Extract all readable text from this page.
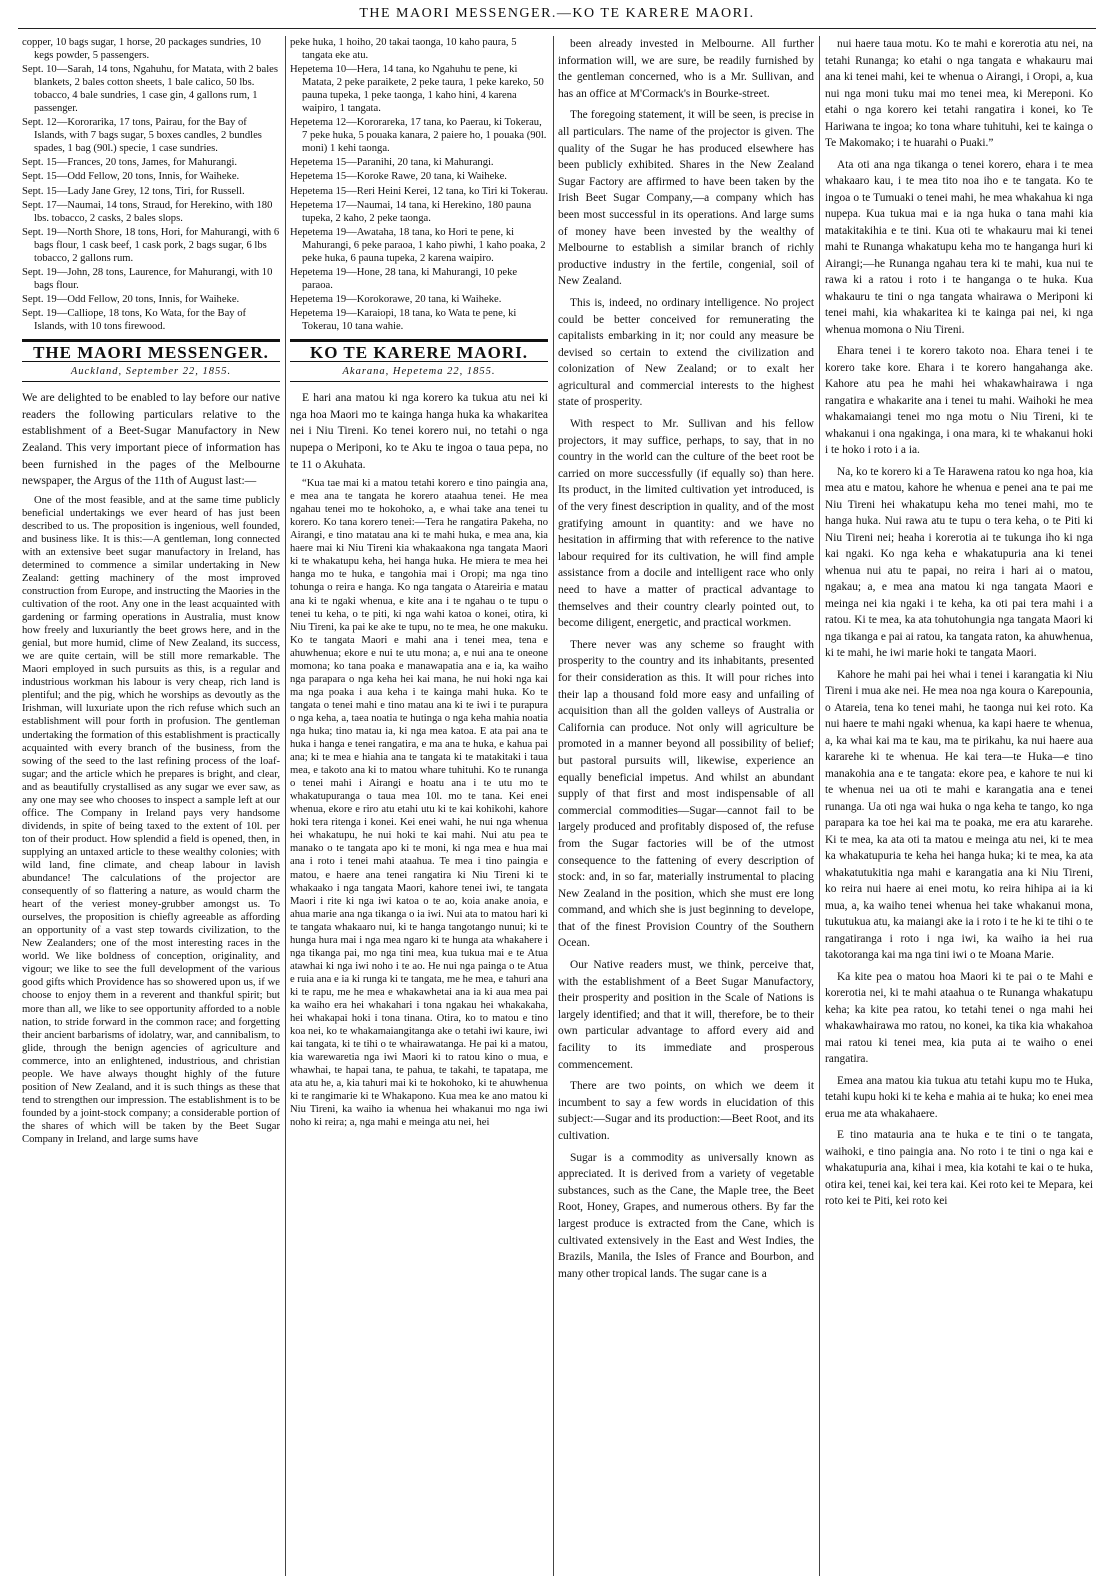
THE MAORI MESSENGER.—KO TE KARERE MAORI.
copper, 10 bags sugar, 1 horse, 20 packages sundries, 10 kegs powder, 5 passengers.
Sept. 10—Sarah, 14 tons, Ngahuhu, for Matata, with 2 bales blankets, 2 bales cotton sheets, 1 bale calico, 50 lbs. tobacco, 4 bale sundries, 1 case gin, 4 gallons rum, 1 passenger.
Sept. 12—Kororarika, 17 tons, Pairau, for the Bay of Islands, with 7 bags sugar, 5 boxes candles, 2 bundles spades, 1 bag (90l.) specie, 1 case sundries.
Sept. 15—Frances, 20 tons, James, for Mahurangi.
Sept. 15—Odd Fellow, 20 tons, Innis, for Waiheke.
Sept. 15—Lady Jane Grey, 12 tons, Tiri, for Russell.
Sept. 17—Naumai, 14 tons, Straud, for Herekino, with 180 lbs. tobacco, 2 casks, 2 bales slops.
Sept. 19—North Shore, 18 tons, Hori, for Mahurangi, with 6 bags flour, 1 cask beef, 1 cask pork, 2 bags sugar, 6 lbs tobacco, 2 gallons rum.
Sept. 19—John, 28 tons, Laurence, for Mahurangi, with 10 bags flour.
Sept. 19—Odd Fellow, 20 tons, Innis, for Waiheke.
Sept. 19—Calliope, 18 tons, Ko Wata, for the Bay of Islands, with 10 tons firewood.
THE MAORI MESSENGER.
Auckland, September 22, 1855.

We are delighted to be enabled to lay before our native readers the following particulars relative to the establishment of a Beet-Sugar Manufactory in New Zealand. This very important piece of information has been furnished in the pages of the Melbourne newspaper, the Argus of the 11th of August last:—

One of the most feasible, and at the same time publicly beneficial undertakings we ever heard of has just been described to us. The proposition is ingenious, well founded, and business like. It is this:—A gentleman, long connected with an extensive beet sugar manufactory in Ireland, has determined to commence a similar undertaking in New Zealand: getting machinery of the most improved construction from Europe, and instructing the Maories in the cultivation of the root. Any one in the least acquainted with gardening or farming operations in Australia, must know how freely and luxuriantly the beet grows here, and in the genial, but more humid, clime of New Zealand, its success, we are quite certain, will be still more remarkable. The Maori employed in such pursuits as this, is a regular and industrious workman his labour is very cheap, rich land is plentiful; and the pig, which he worships as devoutly as the Irishman, will luxuriate upon the rich refuse which such an establishment will pour forth in profusion. The gentleman undertaking the formation of this establishment is practically acquainted with every branch of the business, from the sowing of the seed to the last refining process of the loaf-sugar; and the article which he prepares is bright, and clear, and as beautifully crystallised as any sugar we ever saw, as any one may see who chooses to inspect a sample left at our office. The Company in Ireland pays very handsome dividends, in spite of being taxed to the extent of 10l. per ton of their product. How splendid a field is opened, then, in supplying an untaxed article to these wealthy colonies; with wild land, fine climate, and cheap labour in lavish abundance! The calculations of the projector are consequently of so flattering a nature, as would charm the heart of the veriest money-grubber amongst us. To ourselves, the proposition is chiefly agreeable as affording an opportunity of a vast step towards civilization, to the New Zealanders; one of the most interesting races in the world. We like boldness of conception, originality, and vigour; we like to see the full development of the various good gifts which Providence has so showered upon us, if we choose to enjoy them in a reverent and thankful spirit; but more than all, we like to see opportunity afforded to a noble nation, to stride forward in the common race; and forgetting their ancient barbarisms of idolatry, war, and cannibalism, to glide, through the benign agencies of agriculture and commerce, into an enlightened, industrious, and christian people. We have always thought highly of the future position of New Zealand, and it is such things as these that tend to strengthen our impression. The establishment is to be founded by a joint-stock company; a considerable portion of the shares of which will be taken by the Beet Sugar Company in Ireland, and large sums have

peke huka, 1 hoiho, 20 takai taonga, 10 kaho paura, 5 tangata eke atu.
Hepetema 10—Hera, 14 tana, ko Ngahuhu te pene, ki Matata, 2 peke paraikete, 2 peke taura, 1 peke kareko, 50 pauna tupeka, 1 peke taonga, 1 kaho hini, 4 karena waipiro, 1 tangata.
Hepetema 12—Kororareka, 17 tana, ko Paerau, ki Tokerau, 7 peke huka, 5 pouaka kanara, 2 paiere ho, 1 pouaka (90l. moni) 1 kehi taonga.
Hepetema 15—Paranihi, 20 tana, ki Mahurangi.
Hepetema 15—Koroke Rawe, 20 tana, ki Waiheke.
Hepetema 15—Reri Heini Kerei, 12 tana, ko Tiri ki Tokerau.
Hepetema 17—Naumai, 14 tana, ki Herekino, 180 pauna tupeka, 2 kaho, 2 peke taonga.
Hepetema 19—Awataha, 18 tana, ko Hori te pene, ki Mahurangi, 6 peke paraoa, 1 kaho piwhi, 1 kaho poaka, 2 peke huka, 6 pauna tupeka, 2 karena waipiro.
Hepetema 19—Hone, 28 tana, ki Mahurangi, 10 peke paraoa.
Hepetema 19—Korokorawe, 20 tana, ki Waiheke.
Hepetema 19—Karaiopi, 18 tana, ko Wata te pene, ki Tokerau, 10 tana wahie.
KO TE KARERE MAORI.
Akarana, Hepetema 22, 1855.

E hari ana matou ki nga korero ka tukua atu nei ki nga hoa Maori mo te kainga hanga huka ka whakaritea nei i Niu Tireni. Ko tenei korero nui, no tetahi o nga nupepa o Meriponi, ko te Aku te ingoa o taua pepa, no te 11 o Akuhata.

“Kua tae mai ki a matou tetahi korero e tino paingia ana, e mea ana te tangata he korero ataahua tenei. He mea ngahau tenei mo te hokohoko, a, e whai take ana tenei tu korero. Ko tana korero tenei:—Tera he rangatira Pakeha, no Airangi, e tino matatau ana ki te mahi huka, e mea ana, kia haere mai ki Niu Tireni kia whakaakona nga tangata Maori ki te whakatupu keha, hei hanga huka. He miera te mea hei hanga mo te huka, e tangohia mai i Oropi; ma nga tino tohunga o reira e hanga. Ko nga tangata o Atareiria e matau ana ki te ngaki whenua, e kite ana i te ngahau o te tupu o tenei tu keha, o te piti, ki nga wahi katoa o konei, otira, ki Niu Tireni, ka pai ke ake te tupu, no te mea, he one makuku. Ko te tangata Maori e mahi ana i tenei mea, tena e ahuwhenua; ekore e nui te utu mona; a, e nui ana te oneone momona; ko tana poaka e manawapatia ana e ia, ka waiho nga parapara o nga keha hei kai mana, he nui hoki nga kai ma nga poaka i aua keha i te kainga mahi huka. Ko te tangata o tenei mahi e tino matau ana ki te iwi i te purapura o nga keha, a, taea noatia te hutinga o nga keha mahia noatia nga huka; tino matau ia, ki nga mea katoa. E ata pai ana te huka i hanga e tenei rangatira, e ma ana te huka, e kahua pai ana; ki te mea e hiahia ana te tangata ki te matakitaki i taua mea, e takoto ana ki to matou whare tuhituhi. Ko te runanga o tenei mahi i Airangi e hoatu ana i te utu mo te whakatupuranga o taua mea 10l. mo te tana. Kei enei whenua, ekore e riro atu etahi utu ki te kai kohikohi, kahore hoki tera ritenga i konei. Kei enei wahi, he nui nga whenua hei whakatupu, he nui hoki te kai mahi. Nui atu pea te manako o te tangata apo ki te moni, ki nga mea e hua mai ana i roto i tenei mahi ataahua. Te mea i tino paingia e matou, e haere ana tenei rangatira ki Niu Tireni ki te whakaako i nga tangata Maori, kahore tenei iwi, te tangata Maori i rite ki nga iwi katoa o te ao, koia anake anoia, e ahua marie ana nga tikanga o ia iwi. Nui ata to matou hari ki te tangata whakaaro nui, ki te hanga tangotango nunui; ki te hunga hura mai i nga mea ngaro ki te hunga ata whakahere i nga tikanga pai, mo nga tini mea, kua tukua mai e te Atua atawhai ki nga iwi noho i te ao. He nui nga painga o te Atua e ruia ana e ia ki runga ki te tangata, me he mea, e tahuri ana ki te rapu, me he mea e whakawhetai ana ia ki aua mea pai ka waiho era hei whakahari i tona ngakau hei whakakaha, hei whakapai hoki i tona tinana. Otira, ko to matou e tino koa nei, ko te whakamaiangitanga ake o tetahi iwi kaure, iwi kai tangata, ki te tihi o te whairawatanga. He pai ki a matou, kia warewaretia nga iwi Maori ki to ratou kino o mua, e whawhai, te hapai tana, te pahua, te takahi, te tapatapa, me ata atu he, a, kia tahuri mai ki te hokohoko, ki te ahuwhenua ki te rangimarie ki te Whakapono. Kua mea ke ano matou ki Niu Tireni, ka waiho ia whenua hei whakanui mo nga iwi noho ki reira; a, nga mahi e meinga atu nei, hei

been already invested in Melbourne. All further information will, we are sure, be readily furnished by the gentleman concerned, who is a Mr. Sullivan, and has an office at M'Cormack's in Bourke-street.

The foregoing statement, it will be seen, is precise in all particulars. The name of the projector is given. The quality of the Sugar he has produced elsewhere has been publicly exhibited. Shares in the New Zealand Sugar Factory are affirmed to have been taken by the Irish Beet Sugar Company,—a company which has been most successful in its operations. And large sums of money have been invested by the wealthy of Melbourne to establish a similar branch of richly productive industry in the fertile, congenial, soil of New Zealand.

This is, indeed, no ordinary intelligence. No project could be better conceived for remunerating the capitalists embarking in it; nor could any measure be devised so certain to extend the civilization and colonization of New Zealand; or to exalt her agricultural and commercial interests to the highest state of prosperity.

With respect to Mr. Sullivan and his fellow projectors, it may suffice, perhaps, to say, that in no country in the world can the culture of the beet root be carried on more successfully (if equally so) than here. Its product, in the limited cultivation yet introduced, is of the very finest description in quality, and of the most gratifying amount in quantity: and we have no hesitation in affirming that with reference to the native labour required for its cultivation, he will find ample assistance from a docile and intelligent race who only need to have a matter of practical advantage to themselves and their country clearly pointed out, to become diligent, energetic, and practical workmen.

There never was any scheme so fraught with prosperity to the country and its inhabitants, presented for their consideration as this. It will pour riches into their lap a thousand fold more easy and unfailing of acquisition than all the golden valleys of Australia or California can produce. Not only will agriculture be promoted in a manner beyond all possibility of belief; but pastoral pursuits will, likewise, experience an equally beneficial impetus. And whilst an abundant supply of that first and most indispensable of all commercial commodities—Sugar—cannot fail to be largely produced and profitably disposed of, the refuse from the Sugar factories will be of the utmost consequence to the fattening of every description of stock: and, in so far, materially instrumental to placing New Zealand in the position, which she must ere long command, and which she is just beginning to develope, that of the finest Provision Country of the Southern Ocean.

Our Native readers must, we think, perceive that, with the establishment of a Beet Sugar Manufactory, their prosperity and position in the Scale of Nations is largely identified; and that it will, therefore, be to their own particular advantage to afford every aid and facility to its immediate and prosperous commencement.

There are two points, on which we deem it incumbent to say a few words in elucidation of this subject:—Sugar and its production:—Beet Root, and its cultivation.

Sugar is a commodity as universally known as appreciated. It is derived from a variety of vegetable substances, such as the Cane, the Maple tree, the Beet Root, Honey, Grapes, and numerous others. By far the largest produce is extracted from the Cane, which is cultivated extensively in the East and West Indies, the Brazils, Manila, the Isles of France and Bourbon, and many other tropical lands. The sugar cane is a

nui haere taua motu. Ko te mahi e korerotia atu nei, na tetahi Runanga; ko etahi o nga tangata e whakauru mai ana ki tenei mahi, kei te whenua o Airangi, i Oropi, a, kua nui nga moni tuku mai mo tenei mea, ki Mereponi. Ko etahi o nga korero kei tetahi rangatira i konei, ko Te Hariwana te ingoa; ko tona whare tuhituhi, kei te kainga o Te Makomako; i te huarahi o Puaki.”

Ata oti ana nga tikanga o tenei korero, ehara i te mea whakaaro kau, i te mea tito noa iho e te tangata. Ko te ingoa o te Tumuaki o tenei mahi, he mea whakahua ki nga nupepa. Kua tukua mai e ia nga huka o tana mahi kia matakitakihia e te tini. Kua oti te whakauru mai ki tenei mahi te Runanga whakatupu keha mo te hanganga huri ki Airangi;—he Runanga ngahau tera ki te mahi, kua nui te rawa ki a ratou i roto i te hanganga o te huka. Kua whakauru te tini o nga tangata whairawa o Meriponi ki tenei mahi, kia whakaritea ki te kainga pai nei, ki nga whenua momona o Niu Tireni.

Ehara tenei i te korero takoto noa. Ehara tenei i te korero take kore. Ehara i te korero hangahanga ake. Kahore atu pea he mahi hei whakawhairawa i nga rangatira e whakarite ana i tenei tu mahi. Waihoki he mea whakamaiangi tenei mo nga motu o Niu Tireni, ki te whakanui i ona ngakinga, i ona mara, ki te whakanui hoki i te hoko i roto i a ia.

Na, ko te korero ki a Te Harawena ratou ko nga hoa, kia mea atu e matou, kahore he whenua e penei ana te pai me Niu Tireni hei whakatupu keha mo tenei mahi, mo te hanga huka. Nui rawa atu te tupu o tera keha, o te Piti ki Niu Tireni nei; heaha i korerotia ai te tukunga iho ki nga kai ngaki. Ko nga keha e whakatupuria ana ki tenei whenua nui atu te papai, no reira i hari ai o matou, ngakau; a, e mea ana matou ki nga tangata Maori e meinga nei kia ngaki i te keha, ka oti pai tera mahi i a ratou. Ki te mea, ka ata tohutohungia nga tangata Maori ki nga tikanga e pai ai ratou, ka tangata raton, ka ahuwhenua, ki te mahi, he iwi marie hoki te tangata Maori.

Kahore he mahi pai hei whai i tenei i karangatia ki Niu Tireni i mua ake nei. He mea noa nga koura o Karepounia, o Atareia, tena ko tenei mahi, he taonga nui kei roto. Ka nui haere te mahi ngaki whenua, ka kapi haere te whenua, a, ka whai kai ma te kau, ma te pirikahu, ka nui haere aua kararehe ki te whenua. He kai tera—te Huka—e tino manakohia ana e te tangata: ekore pea, e kahore te nui ki te whenua nei ua oti te mahi e karangatia ana e tenei runanga. Ua oti nga wai huka o nga keha te tango, ko nga parapara ka toe hei kai ma te poaka, me era atu kararehe. Ki te mea, ka ata oti ta matou e meinga atu nei, ki te mea ka whakatupuria te keha hei hanga huka; ki te mea, ka ata whakatutukitia nga mahi e karangatia ana ki Niu Tireni, ko reira nui haere ai enei motu, ko reira hihipa ai ia ki mua, a, ka waiho tenei whenua hei take whakanui mona, tukutukua atu, ka maiangi ake ia i roto i te he ki te tihi o te rangatiranga i roto i nga iwi, ka waiho ia hei rua takotoranga kai ma nga tini iwi o te Moana Marie.

Ka kite pea o matou hoa Maori ki te pai o te Mahi e korerotia nei, ki te mahi ataahua o te Runanga whakatupu keha; ka kite pea ratou, ko tetahi tenei o nga mahi hei whakawhairawa mo ratou, no konei, ka tika kia whakahoa mai ratou ki tenei mea, kia puta ai te waiho o enei rangatira.

Emea ana matou kia tukua atu tetahi kupu mo te Huka, tetahi kupu hoki ki te keha e mahia ai te huka; ko enei mea erua me ata whakahaere.

E tino matauria ana te huka e te tini o te tangata, waihoki, e tino paingia ana. No roto i te tini o nga kai e whakatupuria ana, kihai i mea, kia kotahi te kai o te huka, otira kei, tenei kai, kei tera kai. Kei roto kei te Mepara, kei roto kei te Piti, kei roto kei
